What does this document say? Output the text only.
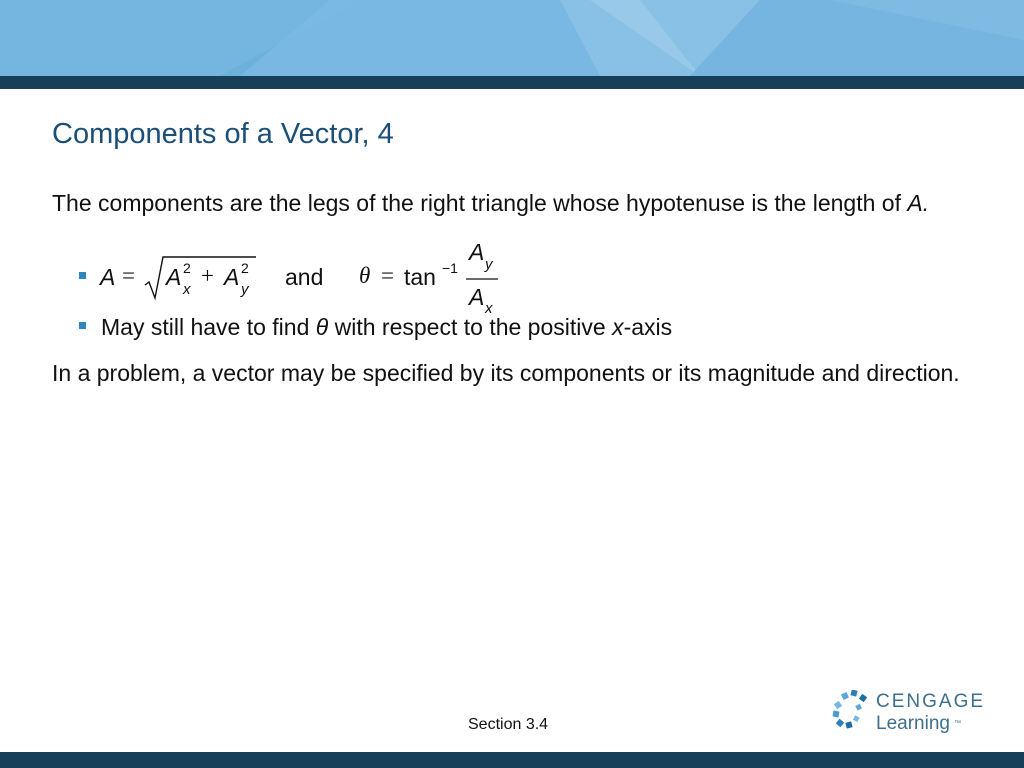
Components of a Vector, 4
The components are the legs of the right triangle whose hypotenuse is the length of A.
A = A 2
x
+ A 2
y and θ = tan −1
A y
A x
May still have to find θ with respect to the positive x-axis
In a problem, a vector may be specified by its components or its magnitude and direction.
Section 3.4
CENGAGE
Learning ™
